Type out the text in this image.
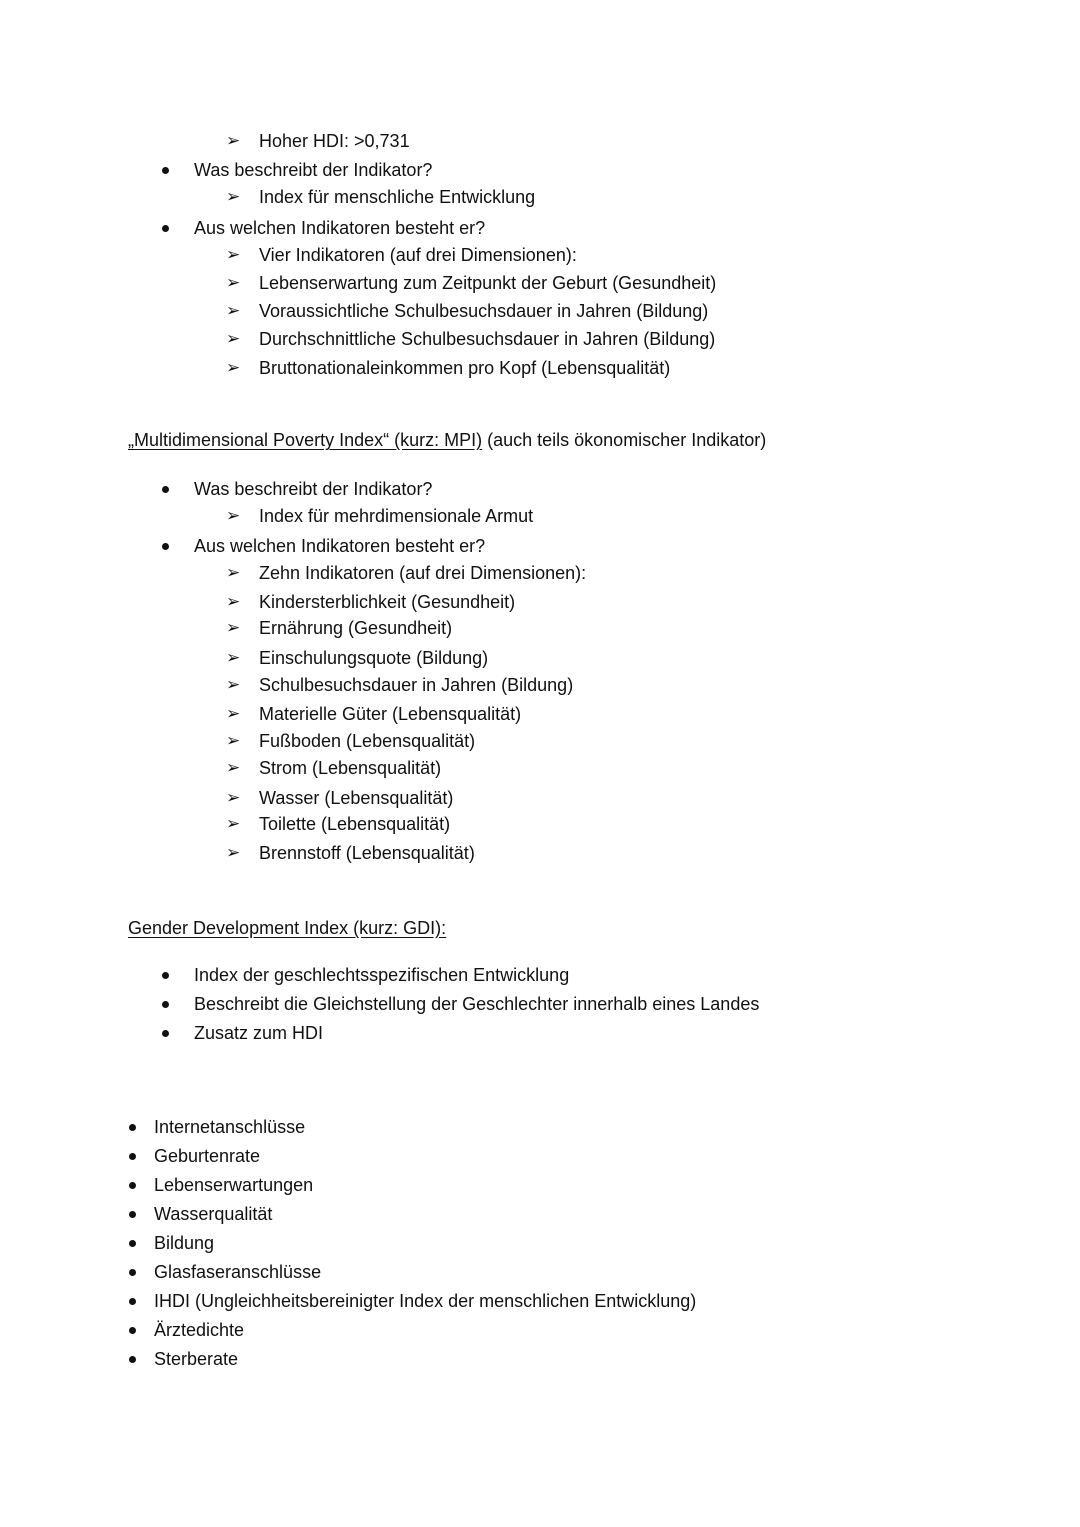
➢ Hoher HDI: >0,731
Was beschreibt der Indikator?
➢ Index für menschliche Entwicklung
Aus welchen Indikatoren besteht er?
➢ Vier Indikatoren (auf drei Dimensionen):
➢ Lebenserwartung zum Zeitpunkt der Geburt (Gesundheit)
➢ Voraussichtliche Schulbesuchsdauer in Jahren (Bildung)
➢ Durchschnittliche Schulbesuchsdauer in Jahren (Bildung)
➢ Bruttonationaleinkommen pro Kopf (Lebensqualität)
„Multidimensional Poverty Index“ (kurz: MPI) (auch teils ökonomischer Indikator)
Was beschreibt der Indikator?
➢ Index für mehrdimensionale Armut
Aus welchen Indikatoren besteht er?
➢ Zehn Indikatoren (auf drei Dimensionen):
➢ Kindersterblichkeit (Gesundheit)
➢ Ernährung (Gesundheit)
➢ Einschulungsquote (Bildung)
➢ Schulbesuchsdauer in Jahren (Bildung)
➢ Materielle Güter (Lebensqualität)
➢ Fußboden (Lebensqualität)
➢ Strom (Lebensqualität)
➢ Wasser (Lebensqualität)
➢ Toilette (Lebensqualität)
➢ Brennstoff (Lebensqualität)
Gender Development Index (kurz: GDI):
Index der geschlechtsspezifischen Entwicklung
Beschreibt die Gleichstellung der Geschlechter innerhalb eines Landes
Zusatz zum HDI
Internetanschlüsse
Geburtenrate
Lebenserwartungen
Wasserqualität
Bildung
Glasfaseranschlüsse
IHDI (Ungleichheitsbereinigter Index der menschlichen Entwicklung)
Ärztedichte
Sterberate
